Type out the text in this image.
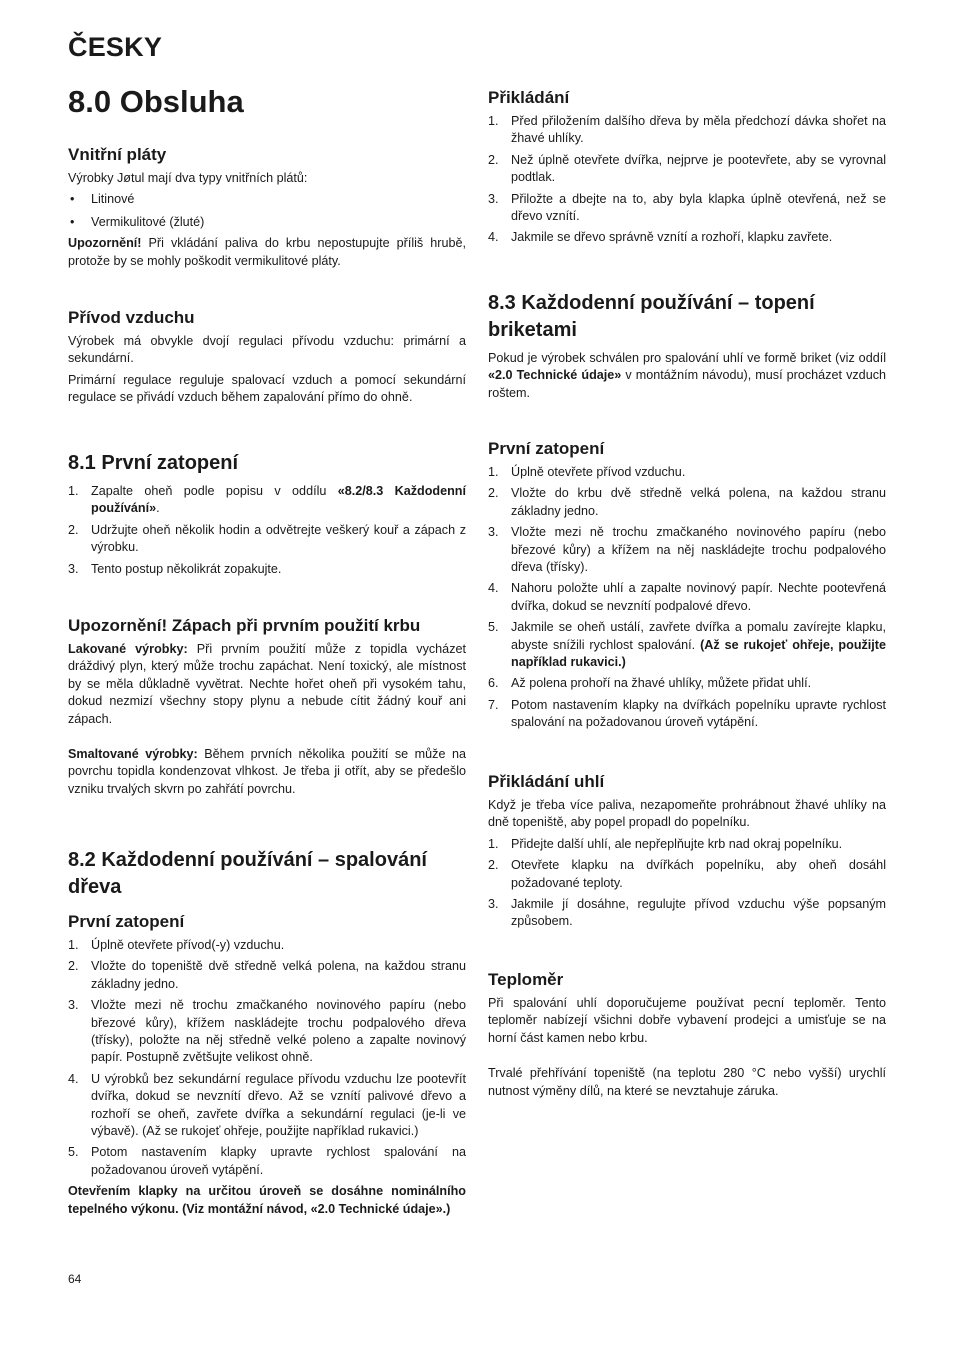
ČESKY
8.0 Obsluha
Vnitřní pláty

Výrobky Jøtul mají dva typy vnitřních plátů:

• Litinové
• Vermikulitové (žluté)

Upozornění! Při vkládání paliva do krbu nepostupujte příliš hrubě, protože by se mohly poškodit vermikulitové pláty.

Přívod vzduchu

Výrobek má obvykle dvojí regulaci přívodu vzduchu: primární a sekundární.

Primární regulace reguluje spalovací vzduch a pomocí sekundární regulace se přivádí vzduch během zapalování přímo do ohně.

8.1 První zatopení
1. Zapalte oheň podle popisu v oddílu «8.2/8.3 Každodenní používání».
2. Udržujte oheň několik hodin a odvětrejte veškerý kouř a zápach z výrobku.
3. Tento postup několikrát zopakujte.
Upozornění! Zápach při prvním použití krbu

Lakované výrobky: Při prvním použití může z topidla vycházet dráždivý plyn, který může trochu zapáchat. Není toxický, ale místnost by se měla důkladně vyvětrat. Nechte hořet oheň při vysokém tahu, dokud nezmizí všechny stopy plynu a nebude cítit žádný kouř ani zápach.

Smaltované výrobky: Během prvních několika použití se může na povrchu topidla kondenzovat vlhkost. Je třeba ji otřít, aby se předešlo vzniku trvalých skvrn po zahřátí povrchu.

8.2 Každodenní používání – spalování dřeva
První zatopení
1. Úplně otevřete přívod(-y) vzduchu.
2. Vložte do topeniště dvě středně velká polena, na každou stranu základny jedno.
3. Vložte mezi ně trochu zmačkaného novinového papíru (nebo březové kůry), křížem naskládejte trochu podpalového dřeva (třísky), položte na něj středně velké poleno a zapalte novinový papír. Postupně zvětšujte velikost ohně.
4. U výrobků bez sekundární regulace přívodu vzduchu lze pootevřít dvířka, dokud se nevznítí dřevo. Až se vznítí palivové dřevo a rozhoří se oheň, zavřete dvířka a sekundární regulaci (je-li ve výbavě). (Až se rukojeť ohřeje, použijte například rukavici.)
5. Potom nastavením klapky upravte rychlost spalování na požadovanou úroveň vytápění.

Otevřením klapky na určitou úroveň se dosáhne nominálního tepelného výkonu. (Viz montážní návod, «2.0 Technické údaje».)

64
Přikládání
1. Před přiložením dalšího dřeva by měla předchozí dávka shořet na žhavé uhlíky.
2. Než úplně otevřete dvířka, nejprve je pootevřete, aby se vyrovnal podtlak.
3. Přiložte a dbejte na to, aby byla klapka úplně otevřená, než se dřevo vznítí.
4. Jakmile se dřevo správně vznítí a rozhoří, klapku zavřete.
8.3 Každodenní používání – topení briketami

Pokud je výrobek schválen pro spalování uhlí ve formě briket (viz oddíl «2.0 Technické údaje» v montážním návodu), musí procházet vzduch roštem.

První zatopení
1. Úplně otevřete přívod vzduchu.
2. Vložte do krbu dvě středně velká polena, na každou stranu základny jedno.
3. Vložte mezi ně trochu zmačkaného novinového papíru (nebo březové kůry) a křížem na něj naskládejte trochu podpalového dřeva (třísky).
4. Nahoru položte uhlí a zapalte novinový papír. Nechte pootevřená dvířka, dokud se nevznítí podpalové dřevo.
5. Jakmile se oheň ustálí, zavřete dvířka a pomalu zavírejte klapku, abyste snížili rychlost spalování. (Až se rukojeť ohřeje, použijte například rukavici.)
6. Až polena prohoří na žhavé uhlíky, můžete přidat uhlí.
7. Potom nastavením klapky na dvířkách popelníku upravte rychlost spalování na požadovanou úroveň vytápění.
Přikládání uhlí

Když je třeba více paliva, nezapomeňte prohrábnout žhavé uhlíky na dně topeniště, aby popel propadl do popelníku.

1. Přidejte další uhlí, ale nepřeplňujte krb nad okraj popelníku.
2. Otevřete klapku na dvířkách popelníku, aby oheň dosáhl požadované teploty.
3. Jakmile jí dosáhne, regulujte přívod vzduchu výše popsaným způsobem.
Teploměr

Při spalování uhlí doporučujeme používat pecní teploměr. Tento teploměr nabízejí všichni dobře vybavení prodejci a umisťuje se na horní část kamen nebo krbu.

Trvalé přehřívání topeniště (na teplotu 280 °C nebo vyšší) urychlí nutnost výměny dílů, na které se nevztahuje záruka.
